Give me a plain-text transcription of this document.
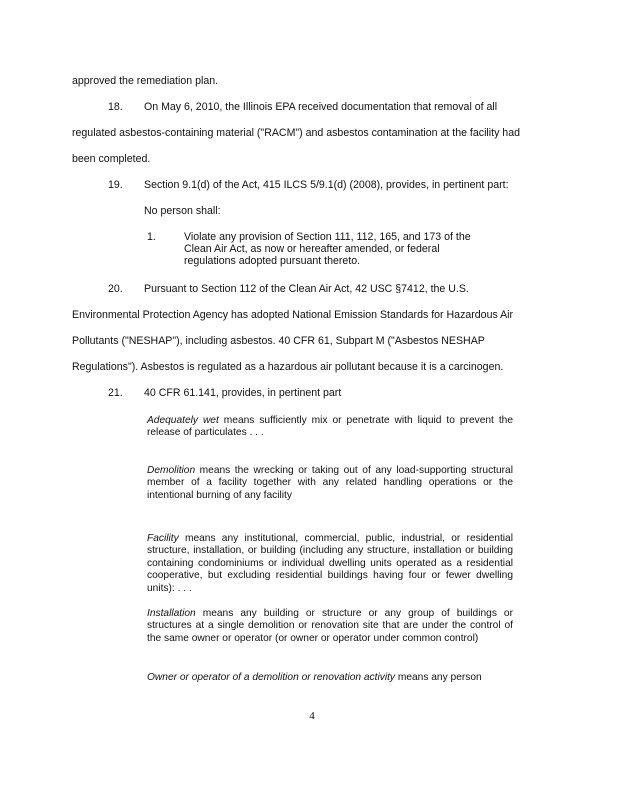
approved the remediation plan.
18. On May 6, 2010, the Illinois EPA received documentation that removal of all
regulated asbestos-containing material ("RACM") and asbestos contamination at the facility had
been completed.
19. Section 9.1(d) of the Act, 415 ILCS 5/9.1(d) (2008), provides, in pertinent part:
No person shall:
1.	Violate any provision of Section 111, 112, 165, and 173 of the
Clean Air Act, as now or hereafter amended, or federal
regulations adopted pursuant thereto.
20. Pursuant to Section 112 of the Clean Air Act, 42 USC §7412, the U.S.
Environmental Protection Agency has adopted National Emission Standards for Hazardous Air
Pollutants ("NESHAP"), including asbestos. 40 CFR 61, Subpart M ("Asbestos NESHAP
Regulations"). Asbestos is regulated as a hazardous air pollutant because it is a carcinogen.
21. 40 CFR 61.141, provides, in pertinent part
Adequately wet means sufficiently mix or penetrate with liquid to prevent the release of particulates . . .
Demolition means the wrecking or taking out of any load-supporting structural member of a facility together with any related handling operations or the intentional burning of any facility
Facility means any institutional, commercial, public, industrial, or residential structure, installation, or building (including any structure, installation or building containing condominiums or individual dwelling units operated as a residential cooperative, but excluding residential buildings having four or fewer dwelling units): . . .
Installation means any building or structure or any group of buildings or structures at a single demolition or renovation site that are under the control of the same owner or operator (or owner or operator under common control)
Owner or operator of a demolition or renovation activity means any person
4
